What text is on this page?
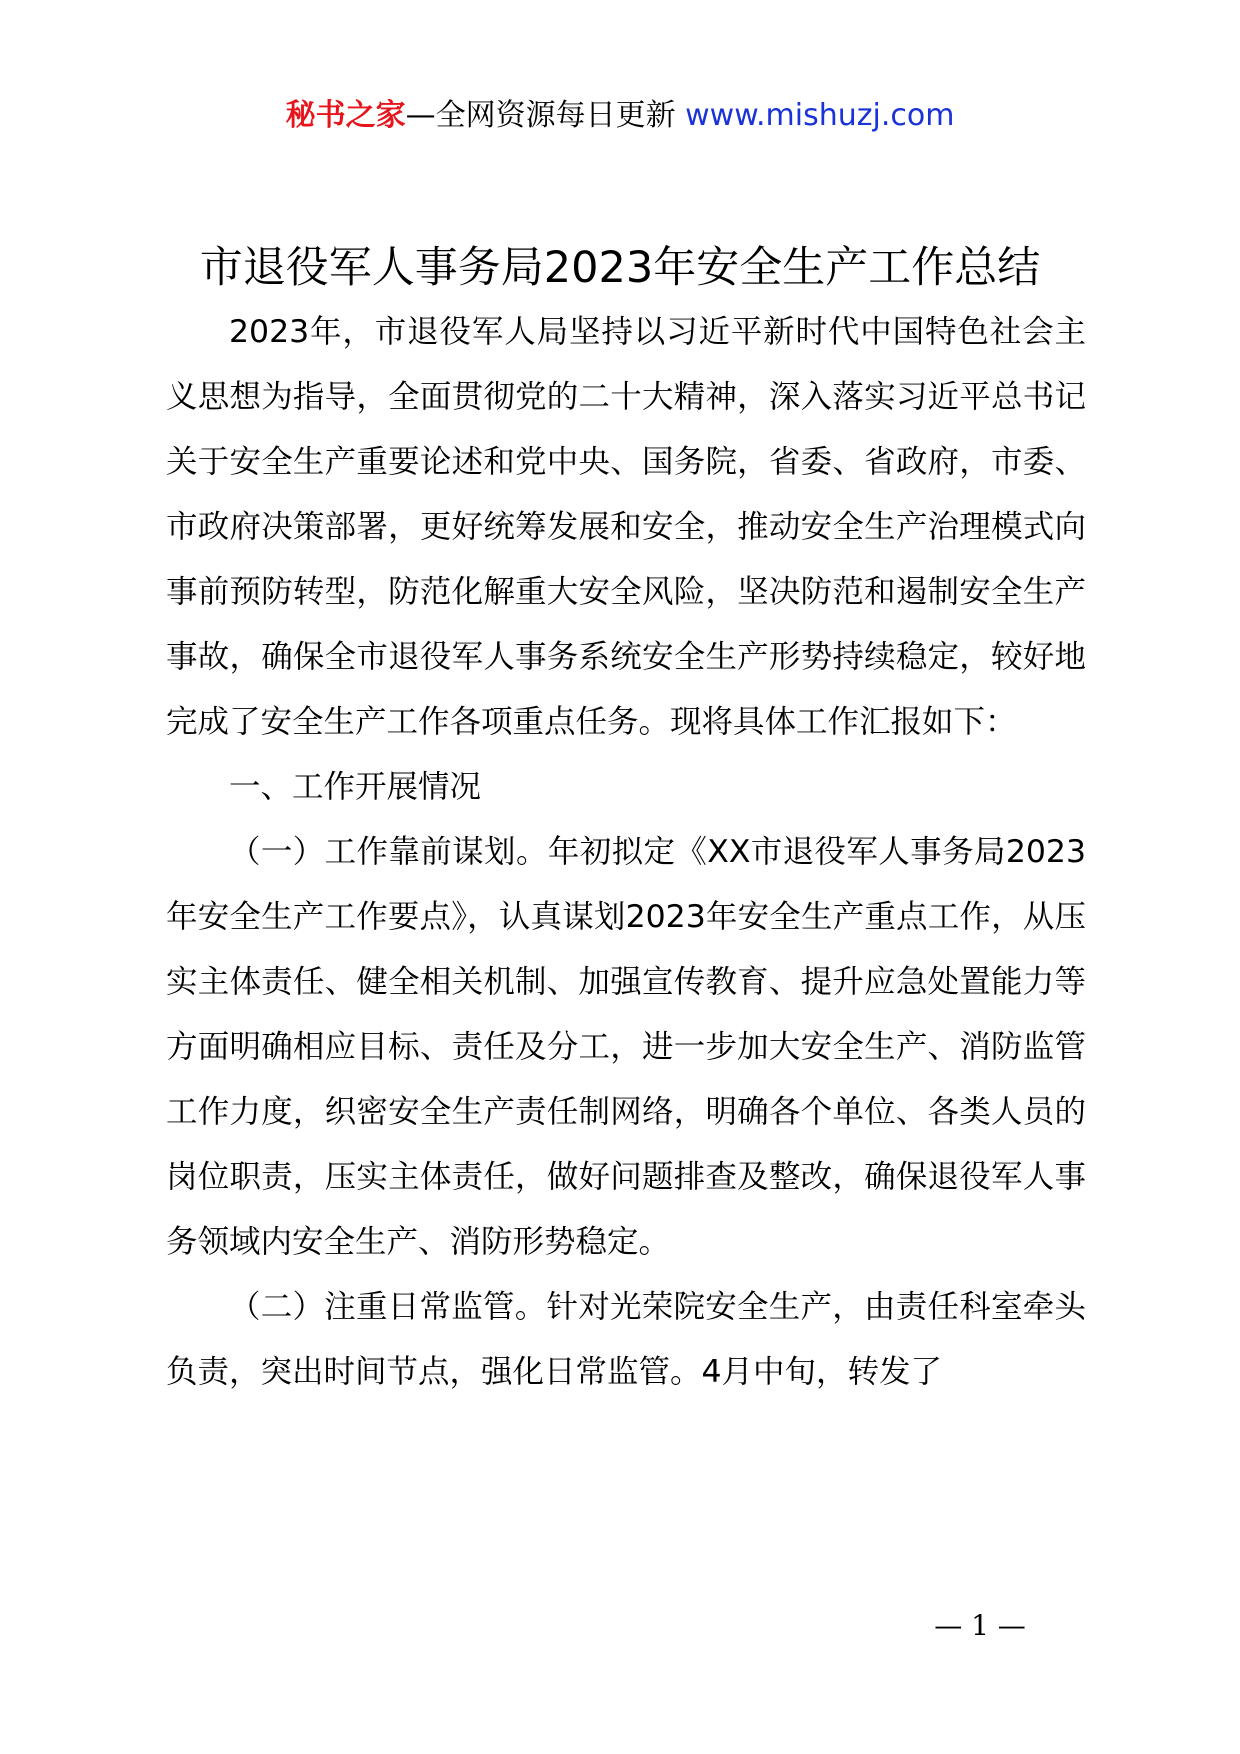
秘书之家—全网资源每日更新 www.mishuzj.com
市退役军人事务局2023年安全生产工作总结

2023年，市退役军人局坚持以习近平新时代中国特色社会主义思想为指导，全面贯彻党的二十大精神，深入落实习近平总书记关于安全生产重要论述和党中央、国务院，省委、省政府，市委、市政府决策部署，更好统筹发展和安全，推动安全生产治理模式向事前预防转型，防范化解重大安全风险，坚决防范和遏制安全生产事故，确保全市退役军人事务系统安全生产形势持续稳定，较好地完成了安全生产工作各项重点任务。现将具体工作汇报如下：

一、工作开展情况

（一）工作靠前谋划。年初拟定《XX市退役军人事务局2023年安全生产工作要点》，认真谋划2023年安全生产重点工作，从压实主体责任、健全相关机制、加强宣传教育、提升应急处置能力等方面明确相应目标、责任及分工，进一步加大安全生产、消防监管工作力度，织密安全生产责任制网络，明确各个单位、各类人员的岗位职责，压实主体责任，做好问题排查及整改，确保退役军人事务领域内安全生产、消防形势稳定。

（二）注重日常监管。针对光荣院安全生产，由责任科室牵头负责，突出时间节点，强化日常监管。4月中旬，转发了

— 1 —
